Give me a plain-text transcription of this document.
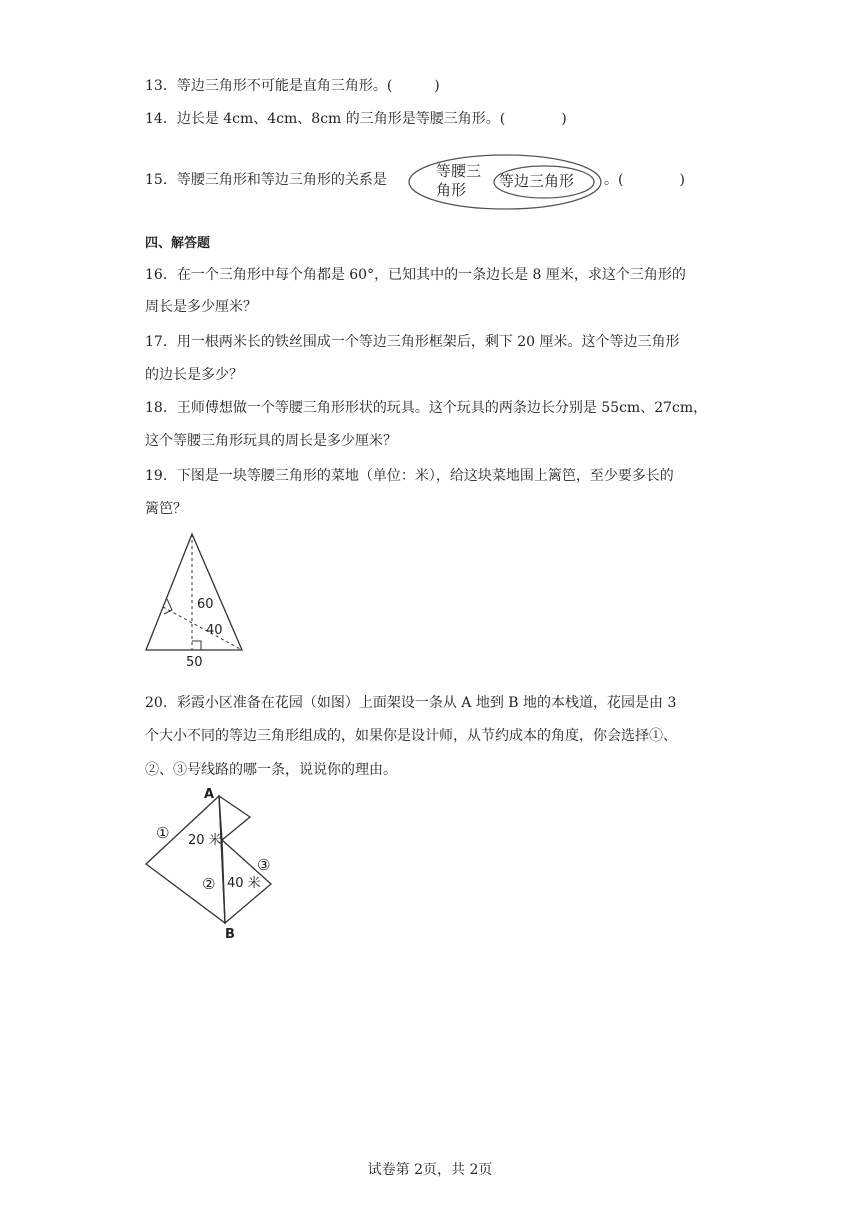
13．等边三角形不可能是直角三角形。(　　　)
14．边长是 4cm、4cm、8cm 的三角形是等腰三角形。(　　　　)
15．等腰三角形和等边三角形的关系是	等腰三
角形 等边三角形 。(　　　　)
四、解答题
16．在一个三角形中每个角都是 60°，已知其中的一条边长是 8 厘米，求这个三角形的
周长是多少厘米？
17．用一根两米长的铁丝围成一个等边三角形框架后，剩下 20 厘米。这个等边三角形
的边长是多少？
18．王师傅想做一个等腰三角形形状的玩具。这个玩具的两条边长分别是 55cm、27cm，
这个等腰三角形玩具的周长是多少厘米？
19．下图是一块等腰三角形的菜地（单位：米），给这块菜地围上篱笆，至少要多长的
篱笆？
60
40
50
20．彩霞小区准备在花园（如图）上面架设一条从 A 地到 B 地的本栈道，花园是由 3
个大小不同的等边三角形组成的，如果你是设计师，从节约成本的角度，你会选择①、
②、③号线路的哪一条，说说你的理由。
A
B
①
②
③
20 米
40 米
试卷第 2页，共 2页
